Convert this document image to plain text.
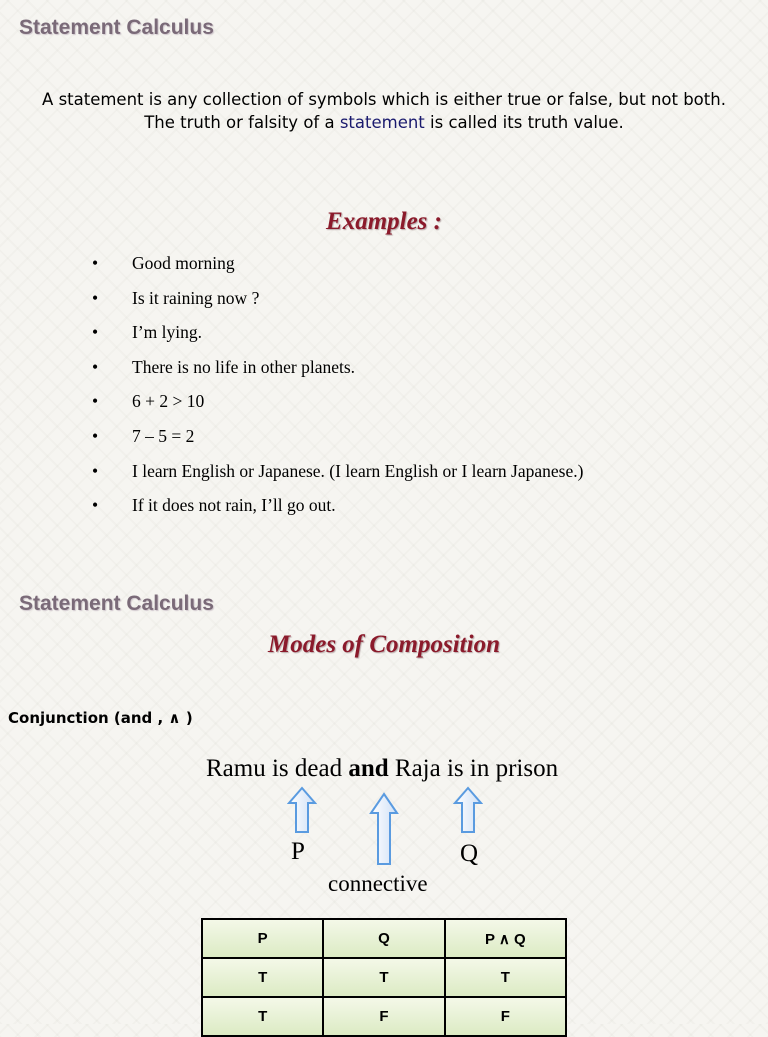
Statement Calculus

A statement is any collection of symbols which is either true or false, but not both. The truth or falsity of a statement is called its truth value.

Examples :
• Good morning
• Is it raining now ?
• I’m lying.
• There is no life in other planets.
• 6 + 2 > 10
• 7 – 5 = 2
• I learn English or Japanese. (I learn English or I learn Japanese.)
• If it does not rain, I’ll go out.
Statement Calculus
Modes of Composition
Conjunction (and , ∧ )
Ramu is dead and Raja is in prison
P	Q
connective
P	Q	P ∧ Q
T	T	T
T	F	F
